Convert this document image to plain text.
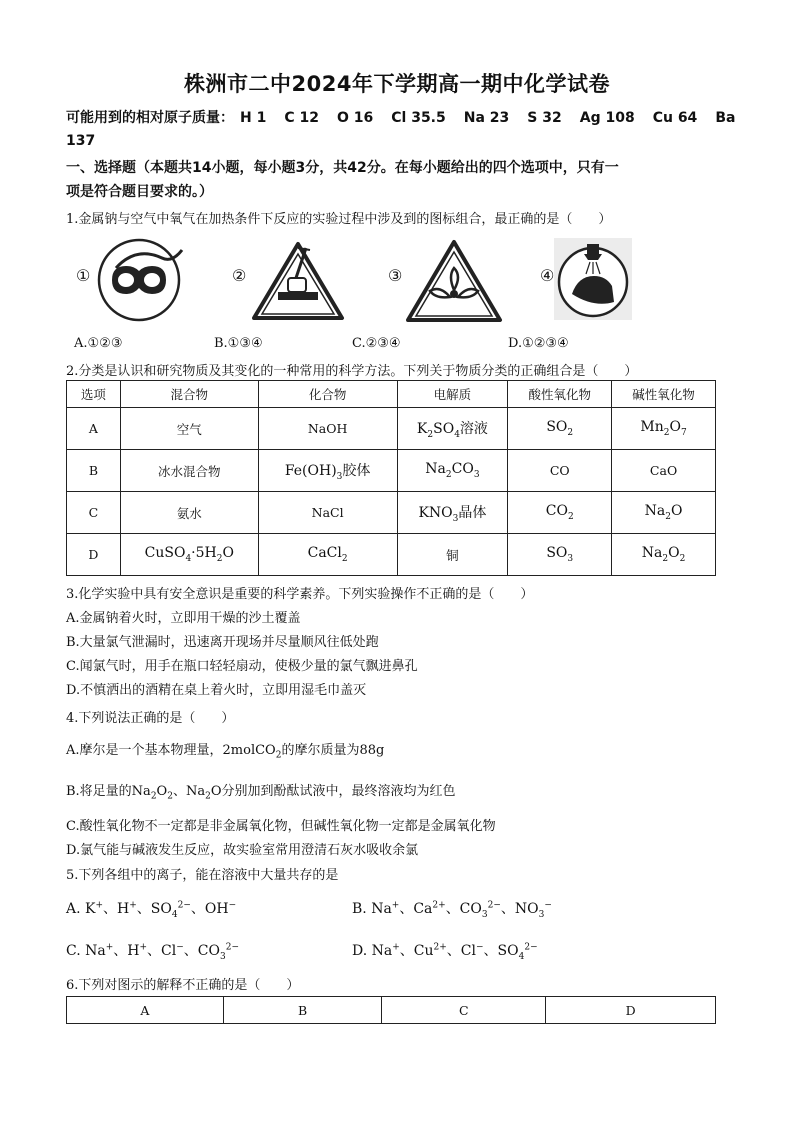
株洲市二中2024年下学期高一期中化学试卷
可能用到的相对原子质量： H 1 C 12 O 16 Cl 35.5 Na 23 S 32 Ag 108 Cu 64 Ba
137
一、选择题（本题共14小题，每小题3分，共42分。在每小题给出的四个选项中，只有一
项是符合题目要求的。）
1.金属钠与空气中氧气在加热条件下反应的实验过程中涉及到的图标组合，最正确的是（　　）
①	②	③	④
A.①②③	B.①③④	C.②③④	D.①②③④
2.分类是认识和研究物质及其变化的一种常用的科学方法。下列关于物质分类的正确组合是（　　）
选项	混合物	化合物	电解质	酸性氧化物	碱性氧化物
A	空气	NaOH	$K_2SO_4$溶液	$SO_2$	$Mn_2O_7$
B	冰水混合物	$Fe(OH)_3$胶体	$Na_2CO_3$	CO	CaO
C	氨水	NaCl	$KNO_3$晶体	$CO_2$	$Na_2O$
D	$CuSO_4\cdot 5H_2O$	CaCl$_2$	铜	$SO_3$	$Na_2O_2$
3.化学实验中具有安全意识是重要的科学素养。下列实验操作不正确的是（　　）
A.金属钠着火时，立即用干燥的沙土覆盖
B.大量氯气泄漏时，迅速离开现场并尽量顺风往低处跑
C.闻氯气时，用手在瓶口轻轻扇动，使极少量的氯气飘进鼻孔
D.不慎洒出的酒精在桌上着火时，立即用湿毛巾盖灭
4.下列说法正确的是（　　）
A.摩尔是一个基本物理量，2molCO$_2$的摩尔质量为88g
B.将足量的$Na_2O_2$、$Na_2O$分别加到酚酞试液中，最终溶液均为红色
C.酸性氧化物不一定都是非金属氧化物，但碱性氧化物一定都是金属氧化物
D.氯气能与碱液发生反应，故实验室常用澄清石灰水吸收余氯
5.下列各组中的离子，能在溶液中大量共存的是
A. K+、H+、$SO_4^{2-}$、OH−	B. Na+、$Ca^{2+}$、$CO_3^{2-}$、$NO_3^-$
C. Na+、H+、Cl−、$CO_3^{2-}$	D. Na+、$Cu^{2+}$、Cl−、$SO_4^{2-}$
6.下列对图示的解释不正确的是（　　）
A	B	C	D
